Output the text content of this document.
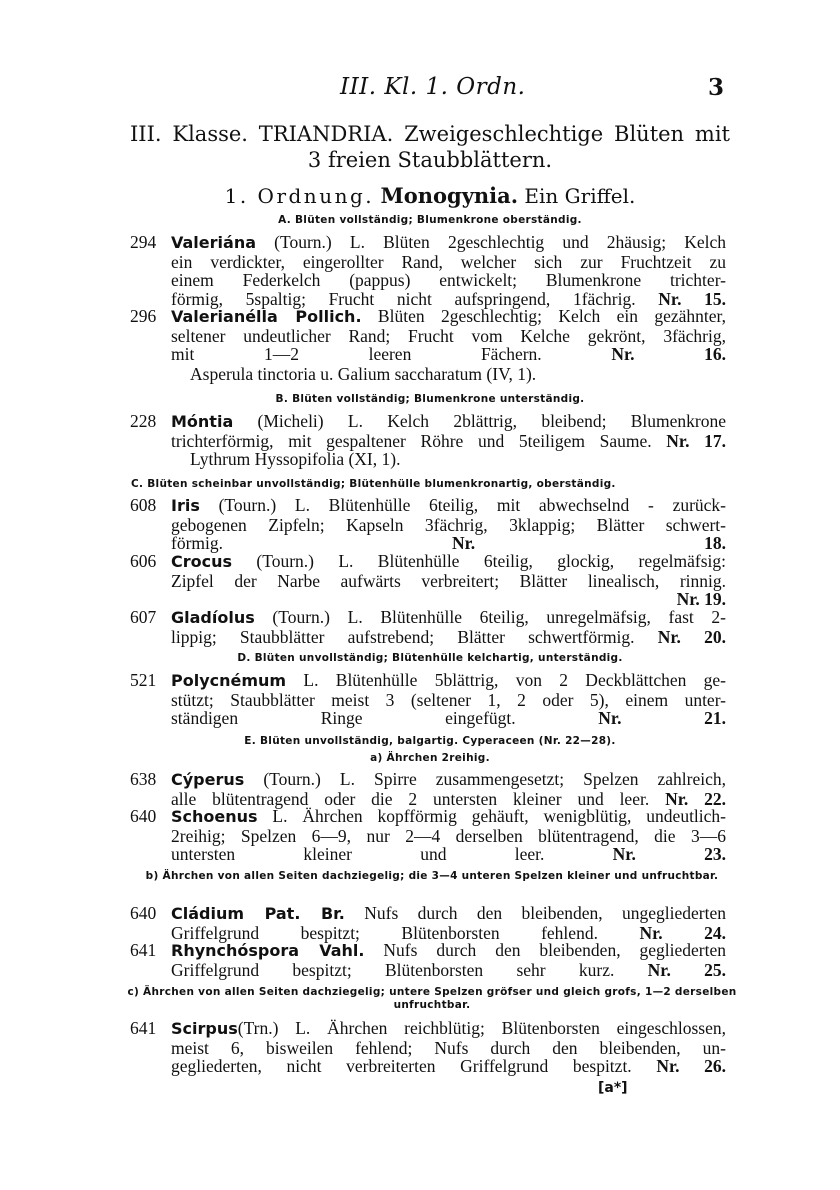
III. Kl. 1. Ordn.	3
III. Klasse. TRIANDRIA. Zweigeschlechtige Blüten mit
3 freien Staubblättern.
1. Ordnung. Monogynia. Ein Griffel.
A. Blüten vollständig; Blumenkrone oberständig.
294 Valeriána (Tourn.) L. Blüten 2geschlechtig und 2häusig; Kelch
ein verdickter, eingerollter Rand, welcher sich zur Fruchtzeit zu
einem Federkelch (pappus) entwickelt; Blumenkrone trichter-
förmig, 5spaltig; Frucht nicht aufspringend, 1fächrig. Nr. 15.
296 Valerianélla Pollich. Blüten 2geschlechtig; Kelch ein gezähnter,
seltener undeutlicher Rand; Frucht vom Kelche gekrönt, 3fächrig,
mit 1—2 leeren Fächern.	Nr. 16.
Asperula tinctoria u. Galium saccharatum (IV, 1).
B. Blüten vollständig; Blumenkrone unterständig.
228 Móntia (Micheli) L. Kelch 2blättrig, bleibend; Blumenkrone
trichterförmig, mit gespaltener Röhre und 5teiligem Saume. Nr. 17.
Lythrum Hyssopifolia (XI, 1).
C. Blüten scheinbar unvollständig; Blütenhülle blumenkronartig, oberständig.
608 Iris (Tourn.) L. Blütenhülle 6teilig, mit abwechselnd - zurück-
gebogenen Zipfeln; Kapseln 3fächrig, 3klappig; Blätter schwert-
förmig.	Nr. 18.
606 Crocus (Tourn.) L. Blütenhülle 6teilig, glockig, regelmäfsig:
Zipfel der Narbe aufwärts verbreitert; Blätter linealisch, rinnig.
Nr. 19.
607 Gladíolus (Tourn.) L. Blütenhülle 6teilig, unregelmäfsig, fast 2-
lippig; Staubblätter aufstrebend; Blätter schwertförmig. Nr. 20.
D. Blüten unvollständig; Blütenhülle kelchartig, unterständig.
521 Polycnémum L. Blütenhülle 5blättrig, von 2 Deckblättchen ge-
stützt; Staubblätter meist 3 (seltener 1, 2 oder 5), einem unter-
ständigen Ringe eingefügt.	Nr. 21.
E. Blüten unvollständig, balgartig. Cyperaceen (Nr. 22—28).
a) Ährchen 2reihig.
638 Cýperus (Tourn.) L. Spirre zusammengesetzt; Spelzen zahlreich,
alle blütentragend oder die 2 untersten kleiner und leer. Nr. 22.
640 Schoenus L. Ährchen kopfförmig gehäuft, wenigblütig, undeutlich-
2reihig; Spelzen 6—9, nur 2—4 derselben blütentragend, die 3—6
untersten kleiner und leer.	Nr. 23.
b) Ährchen von allen Seiten dachziegelig; die 3—4 unteren Spelzen kleiner und unfruchtbar.
640 Cládium Pat. Br. Nufs durch den bleibenden, ungegliederten
Griffelgrund bespitzt; Blütenborsten fehlend. Nr. 24.
641 Rhynchóspora Vahl. Nufs durch den bleibenden, gegliederten
Griffelgrund bespitzt; Blütenborsten sehr kurz. Nr. 25.
c) Ährchen von allen Seiten dachziegelig; untere Spelzen gröfser und gleich grofs, 1—2 derselben unfruchtbar.
641 Scirpus(Trn.) L. Ährchen reichblütig; Blütenborsten eingeschlossen,
meist 6, bisweilen fehlend; Nufs durch den bleibenden, un-
gegliederten, nicht verbreiterten Griffelgrund bespitzt. Nr. 26.
[a*]
